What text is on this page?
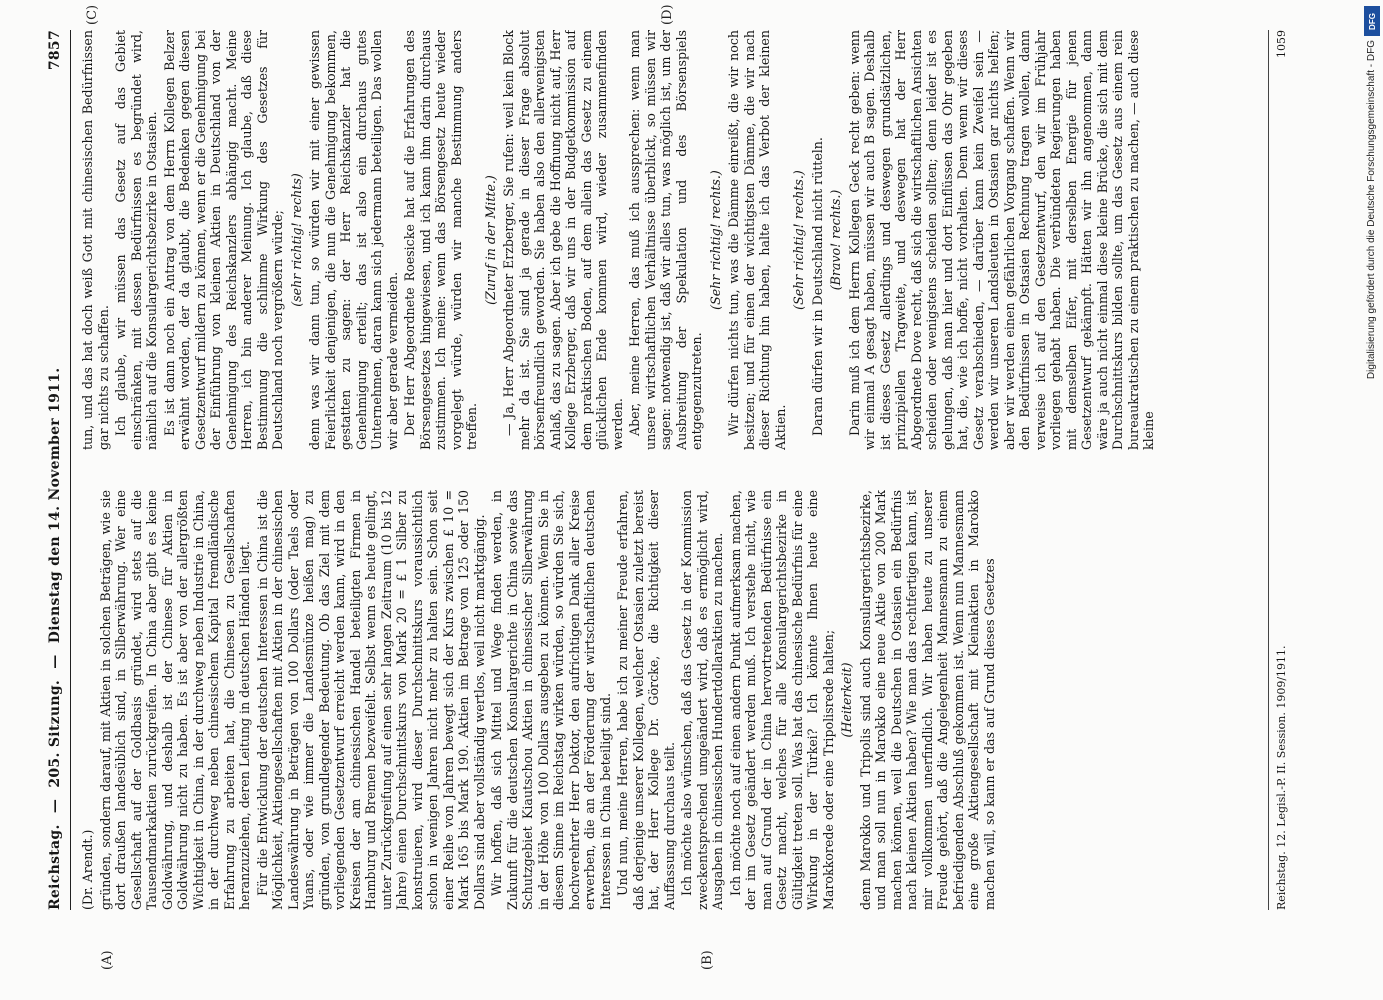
Reichstag. — 205. Sitzung. — Dienstag den 14. November 1911.
7857
(A)	(B)
(C)	(D)

(Dr. Arendt.) gründen, sondern darauf, mit Aktien in solchen Beträgen, wie sie dort draußen landesüblich sind, in Silberwährung. Wer eine Gesellschaft auf der Goldbasis gründet, wird stets auf die Tausendmarkaktien zurückgreifen. In China aber gibt es keine Goldwährung, und deshalb ist der Chinese für Aktien in Goldwährung nicht zu haben. Es ist aber von der allergrößten Wichtigkeit in China, in der durchweg neben Industrie in China, in der durchweg neben chinesischem Kapital fremdländische Erfahrung zu arbeiten hat, die Chinesen zu Gesellschaften heranzuziehen, deren Leitung in deutschen Händen liegt. Für die Entwicklung der deutschen Interessen in China ist die Möglichkeit, Aktiengesellschaften mit Aktien in der chinesischen Landeswährung in Beträgen von 100 Dollars (oder Taels oder Yuans, oder wie immer die Landesmünze heißen mag) zu gründen, von grundlegender Bedeutung. Ob das Ziel mit dem vorliegenden Gesetzentwurf erreicht werden kann, wird in den Kreisen der am chinesischen Handel beteiligten Firmen in Hamburg und Bremen bezweifelt. Selbst wenn es heute gelingt, unter Zurückgreifung auf einen sehr langen Zeitraum (10 bis 12 Jahre) einen Durchschnittskurs von Mark 20 = £ 1 Silber zu konstruieren, wird dieser Durchschnittskurs voraussichtlich schon in wenigen Jahren nicht mehr zu halten sein. Schon seit einer Reihe von Jahren bewegt sich der Kurs zwischen £ 10 = Mark 165 bis Mark 190. Aktien im Betrage von 125 oder 150 Dollars sind aber vollständig wertlos, weil nicht marktgängig. Wir hoffen, daß sich Mittel und Wege finden werden, in Zukunft für die deutschen Konsulargerichte in China sowie das Schutzgebiet Kiautschou Aktien in chinesischer Silberwährung in der Höhe von 100 Dollars ausgeben zu können. Wenn Sie in diesem Sinne im Reichstag wirken würden, so würden Sie sich, hochverehrter Herr Doktor, den aufrichtigen Dank aller Kreise erwerben, die an der Förderung der wirtschaftlichen deutschen Interessen in China beteiligt sind. Und nun, meine Herren, habe ich zu meiner Freude erfahren, daß derjenige unserer Kollegen, welcher Ostasien zuletzt bereist hat, der Herr Kollege Dr. Görcke, die Richtigkeit dieser Auffassung durchaus teilt. Ich möchte also wünschen, daß das Gesetz in der Kommission zweckentsprechend umgeändert wird, daß es ermöglicht wird, Ausgaben in chinesischen Hundertdollaraktien zu machen. Ich möchte noch auf einen andern Punkt aufmerksam machen, der im Gesetz geändert werden muß. Ich verstehe nicht, wie man auf Grund der in China hervortretenden Bedürfnisse ein Gesetz macht, welches für alle Konsulargerichtsbezirke in Gültigkeit treten soll. Was hat das chinesische Bedürfnis für eine Wirkung in der Türkei? Ich könnte Ihnen heute eine Marokkorede oder eine Tripolisrede halten; (Heiterkeit) denn Marokko und Tripolis sind auch Konsulargerichtsbezirke, und man soll nun in Marokko eine neue Aktie von 200 Mark machen können, weil die Deutschen in Ostasien ein Bedürfnis nach kleinen Aktien haben? Wie man das rechtfertigen kann, ist mir vollkommen unerfindlich. Wir haben heute zu unserer Freude gehört, daß die Angelegenheit Mannesmann zu einem befriedigenden Abschluß gekommen ist. Wenn nun Mannesmann eine große Aktiengesellschaft mit Kleinaktien in Marokko machen will, so kann er das auf Grund dieses Gesetzes

tun, und das hat doch weiß Gott mit chinesischen Bedürfnissen gar nichts zu schaffen. Ich glaube, wir müssen das Gesetz auf das Gebiet einschränken, mit dessen Bedürfnissen es begründet wird, nämlich auf die Konsulargerichtsbezirke in Ostasien. Es ist dann noch ein Antrag von dem Herrn Kollegen Belzer erwähnt worden, der da glaubt, die Bedenken gegen diesen Gesetzentwurf mildern zu können, wenn er die Genehmigung bei der Einführung von kleinen Aktien in Deutschland von der Genehmigung des Reichskanzlers abhängig macht. Meine Herren, ich bin anderer Meinung. Ich glaube, daß diese Bestimmung die schlimme Wirkung des Gesetzes für Deutschland noch vergrößern würde; (sehr richtig! rechts) denn was wir dann tun, so würden wir mit einer gewissen Feierlichkeit denjenigen, die nun die Genehmigung bekommen, gestatten zu sagen: der Herr Reichskanzler hat die Genehmigung erteilt; das ist also ein durchaus gutes Unternehmen, daran kann sich jedermann beteiligen. Das wollen wir aber gerade vermeiden. Der Herr Abgeordnete Roesicke hat auf die Erfahrungen des Börsengesetzes hingewiesen, und ich kann ihm darin durchaus zustimmen. Ich meine: wenn das Börsengesetz heute wieder vorgelegt würde, würden wir manche Bestimmung anders treffen.

(Zuruf in der Mitte.) — Ja, Herr Abgeordneter Erzberger, Sie rufen: weil kein Block mehr da ist. Sie sind ja gerade in dieser Frage absolut börsenfreundlich geworden. Sie haben also den allerwenigsten Anlaß, das zu sagen. Aber ich gebe die Hoffnung nicht auf, Herr Kollege Erzberger, daß wir uns in der Budgetkommission auf dem praktischen Boden, auf dem allein das Gesetz zu einem glücklichen Ende kommen wird, wieder zusammenfinden werden. Aber, meine Herren, das muß ich aussprechen: wenn man unsere wirtschaftlichen Verhältnisse überblickt, so müssen wir sagen: notwendig ist, daß wir alles tun, was möglich ist, um der Ausbreitung der Spekulation und des Börsenspiels entgegenzutreten.

(Sehr richtig! rechts.) Wir dürfen nichts tun, was die Dämme einreißt, die wir noch besitzen; und für einen der wichtigsten Dämme, die wir nach dieser Richtung hin haben, halte ich das Verbot der kleinen Aktien.

(Sehr richtig! rechts.) Daran dürfen wir in Deutschland nicht rütteln. (Bravo! rechts.) Darin muß ich dem Herrn Kollegen Geck recht geben: wenn wir einmal A gesagt haben, müssen wir auch B sagen. Deshalb ist dieses Gesetz allerdings und deswegen grundsätzlichen, prinzipiellen Tragweite, und deswegen hat der Herr Abgeordnete Dove recht, daß sich die wirtschaftlichen Ansichten scheiden oder wenigstens scheiden sollten; denn leider ist es gelungen, daß man hier und dort Einflüssen das Ohr gegeben hat, die, wie ich hoffe, nicht vorhalten. Denn wenn wir dieses Gesetz verabschieden, — darüber kann kein Zweifel sein — werden wir unseren Landsleuten in Ostasien gar nichts helfen; aber wir werden einen gefährlichen Vorgang schaffen. Wenn wir den Bedürfnissen in Ostasien Rechnung tragen wollen, dann verweise ich auf den Gesetzentwurf, den wir im Frühjahr vorliegen gehabt haben. Die verbündeten Regierungen haben mit demselben Eifer, mit derselben Energie für jenen Gesetzentwurf gekämpft. Hätten wir ihn angenommen, dann wäre ja auch nicht einmal diese kleine Brücke, die sich mit dem Durchschnittskurs bilden sollte, um das Gesetz aus einem rein bureaukratischen zu einem praktischen zu machen, — auch diese kleine

Reichstag. 12. Legisl.-P. II. Session. 1909/1911.
1059
DFG
Digitalisierung gefördert durch die Deutsche Forschungsgemeinschaft - DFG
